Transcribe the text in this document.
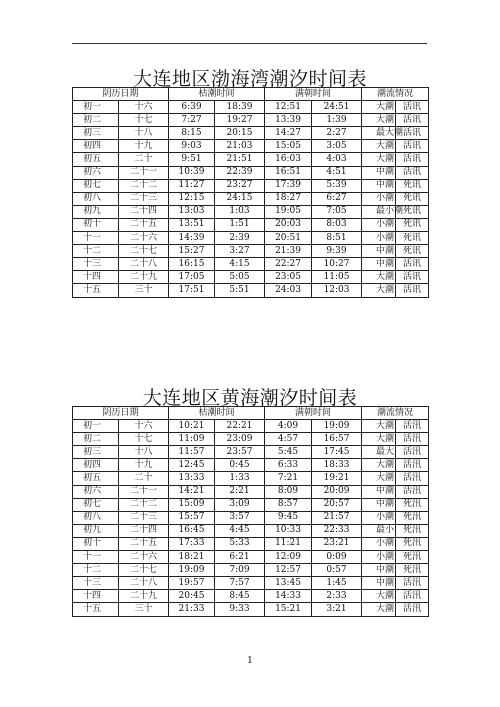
大连地区渤海湾潮汐时间表
阴历日期		枯潮时间		满朝时间		潮流情况	
初一	十六	6:39	18:39	12:51	24:51	大潮	活讯
初二	十七	7:27	19:27	13:39	1:39	大潮	活讯
初三	十八	8:15	20:15	14:27	2:27	最大潮	活讯
初四	十九	9:03	21:03	15:05	3:05	大潮	活讯
初五	二十	9:51	21:51	16:03	4:03	大潮	活讯
初六	二十一	10:39	22:39	16:51	4:51	中潮	活讯
初七	二十二	11:27	23:27	17:39	5:39	中潮	死讯
初八	二十三	12:15	24:15	18:27	6:27	小潮	死讯
初九	二十四	13:03	1:03	19:05	7:05	最小潮	死讯
初十	二十五	13:51	1:51	20:03	8:03	小潮	死讯
十一	二十六	14:39	2:39	20:51	8:51	小潮	死讯
十二	二十七	15:27	3:27	21:39	9:39	中潮	死讯
十三	二十八	16:15	4:15	22:27	10:27	中潮	活讯
十四	二十九	17:05	5:05	23:05	11:05	大潮	活讯
十五	三十	17:51	5:51	24:03	12:03	大潮	活讯
大连地区黄海潮汐时间表
阴历日期		枯潮时间		满朝时间		潮流情况	
初一	十六	10:21	22:21	4:09	19:09	大潮	活汛
初二	十七	11:09	23:09	4:57	16:57	大潮	活汛
初三	十八	11:57	23:57	5:45	17:45	最大	活汛
初四	十九	12:45	0:45	6:33	18:33	大潮	活汛
初五	二十	13:33	1:33	7:21	19:21	大潮	活汛
初六	二十一	14:21	2:21	8:09	20:09	中潮	活汛
初七	二十二	15:09	3:09	8:57	20:57	中潮	死汛
初八	二十三	15:57	3:57	9:45	21:57	小潮	死汛
初九	二十四	16:45	4:45	10:33	22:33	最小	死汛
初十	二十五	17:33	5:33	11:21	23:21	小潮	死汛
十一	二十六	18:21	6:21	12:09	0:09	小潮	死汛
十二	二十七	19:09	7:09	12:57	0:57	中潮	死汛
十三	二十八	19:57	7:57	13:45	1:45	中潮	活汛
十四	二十九	20:45	8:45	14:33	2:33	大潮	活汛
十五	三十	21:33	9:33	15:21	3:21	大潮	活汛
1
